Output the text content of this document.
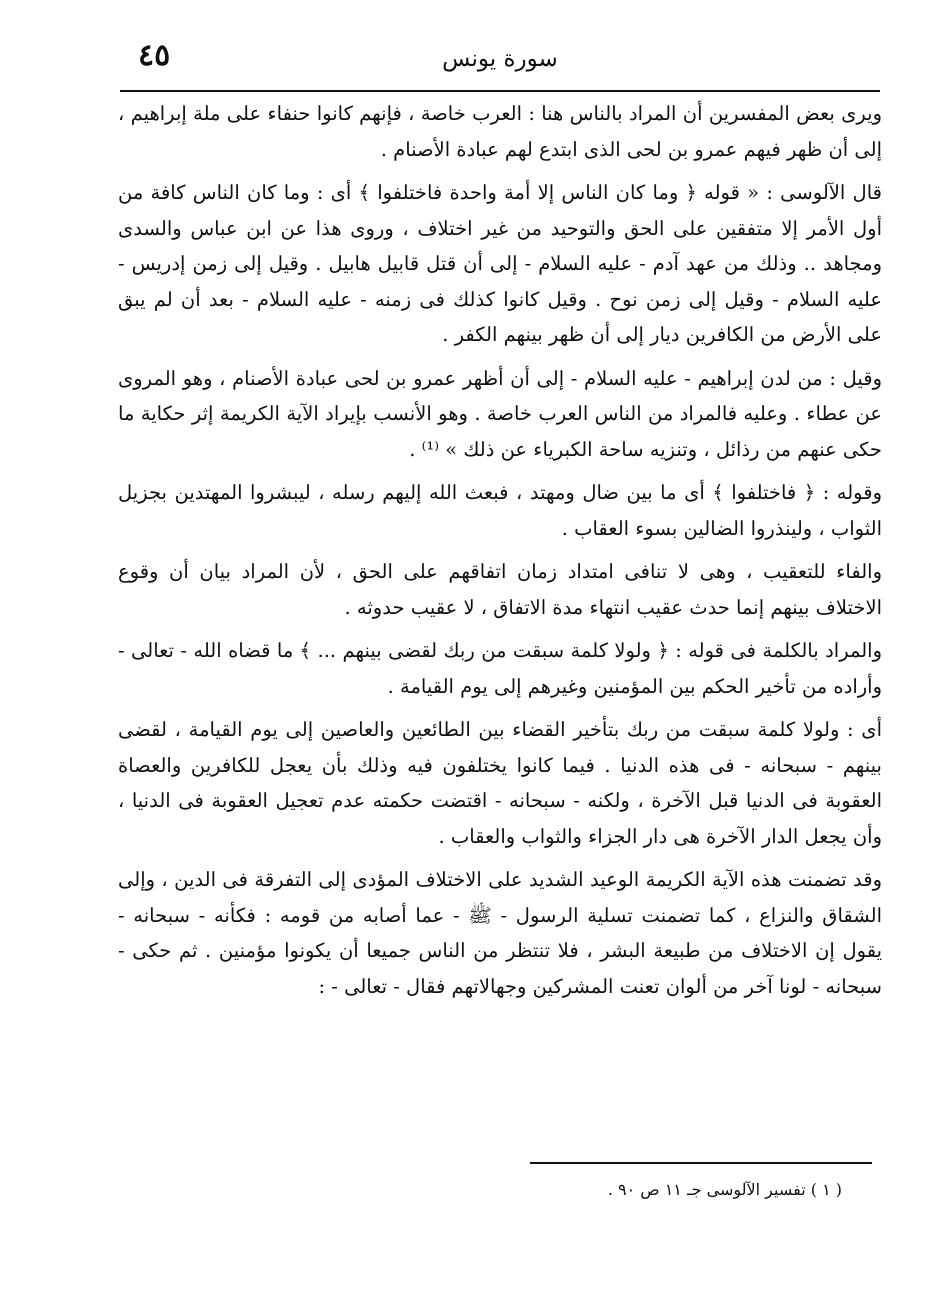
٤٥	سورة يونس

ويرى بعض المفسرين أن المراد بالناس هنا : العرب خاصة ، فإنهم كانوا حنفاء على ملة إبراهيم ، إلى أن ظهر فيهم عمرو بن لحى الذى ابتدع لهم عبادة الأصنام .

قال الآلوسى : « قوله ﴿ وما كان الناس إلا أمة واحدة فاختلفوا ﴾ أى : وما كان الناس كافة من أول الأمر إلا متفقين على الحق والتوحيد من غير اختلاف ، وروى هذا عن ابن عباس والسدى ومجاهد .. وذلك من عهد آدم - عليه السلام - إلى أن قتل قابيل هابيل . وقيل إلى زمن إدريس - عليه السلام - وقيل إلى زمن نوح . وقيل كانوا كذلك فى زمنه - عليه السلام - بعد أن لم يبق على الأرض من الكافرين ديار إلى أن ظهر بينهم الكفر .

وقيل : من لدن إبراهيم - عليه السلام - إلى أن أظهر عمرو بن لحى عبادة الأصنام ، وهو المروى عن عطاء . وعليه فالمراد من الناس العرب خاصة . وهو الأنسب بإيراد الآية الكريمة إثر حكاية ما حكى عنهم من رذائل ، وتنزيه ساحة الكبرياء عن ذلك » ⁽¹⁾ .

وقوله : ﴿ فاختلفوا ﴾ أى ما بين ضال ومهتد ، فبعث الله إليهم رسله ، ليبشروا المهتدين بجزيل الثواب ، ولينذروا الضالين بسوء العقاب .

والفاء للتعقيب ، وهى لا تنافى امتداد زمان اتفاقهم على الحق ، لأن المراد بيان أن وقوع الاختلاف بينهم إنما حدث عقيب انتهاء مدة الاتفاق ، لا عقيب حدوثه .

والمراد بالكلمة فى قوله : ﴿ ولولا كلمة سبقت من ربك لقضى بينهم ... ﴾ ما قضاه الله - تعالى - وأراده من تأخير الحكم بين المؤمنين وغيرهم إلى يوم القيامة .

أى : ولولا كلمة سبقت من ربك بتأخير القضاء بين الطائعين والعاصين إلى يوم القيامة ، لقضى بينهم - سبحانه - فى هذه الدنيا . فيما كانوا يختلفون فيه وذلك بأن يعجل للكافرين والعصاة العقوبة فى الدنيا قبل الآخرة ، ولكنه - سبحانه - اقتضت حكمته عدم تعجيل العقوبة فى الدنيا ، وأن يجعل الدار الآخرة هى دار الجزاء والثواب والعقاب .

وقد تضمنت هذه الآية الكريمة الوعيد الشديد على الاختلاف المؤدى إلى التفرقة فى الدين ، وإلى الشقاق والنزاع ، كما تضمنت تسلية الرسول - ﷺ - عما أصابه من قومه : فكأنه - سبحانه - يقول إن الاختلاف من طبيعة البشر ، فلا تنتظر من الناس جميعا أن يكونوا مؤمنين . ثم حكى - سبحانه - لونا آخر من ألوان تعنت المشركين وجهالاتهم فقال - تعالى - :

( ١ ) تفسير الآلوسى جـ ١١ ص ٩٠ .
